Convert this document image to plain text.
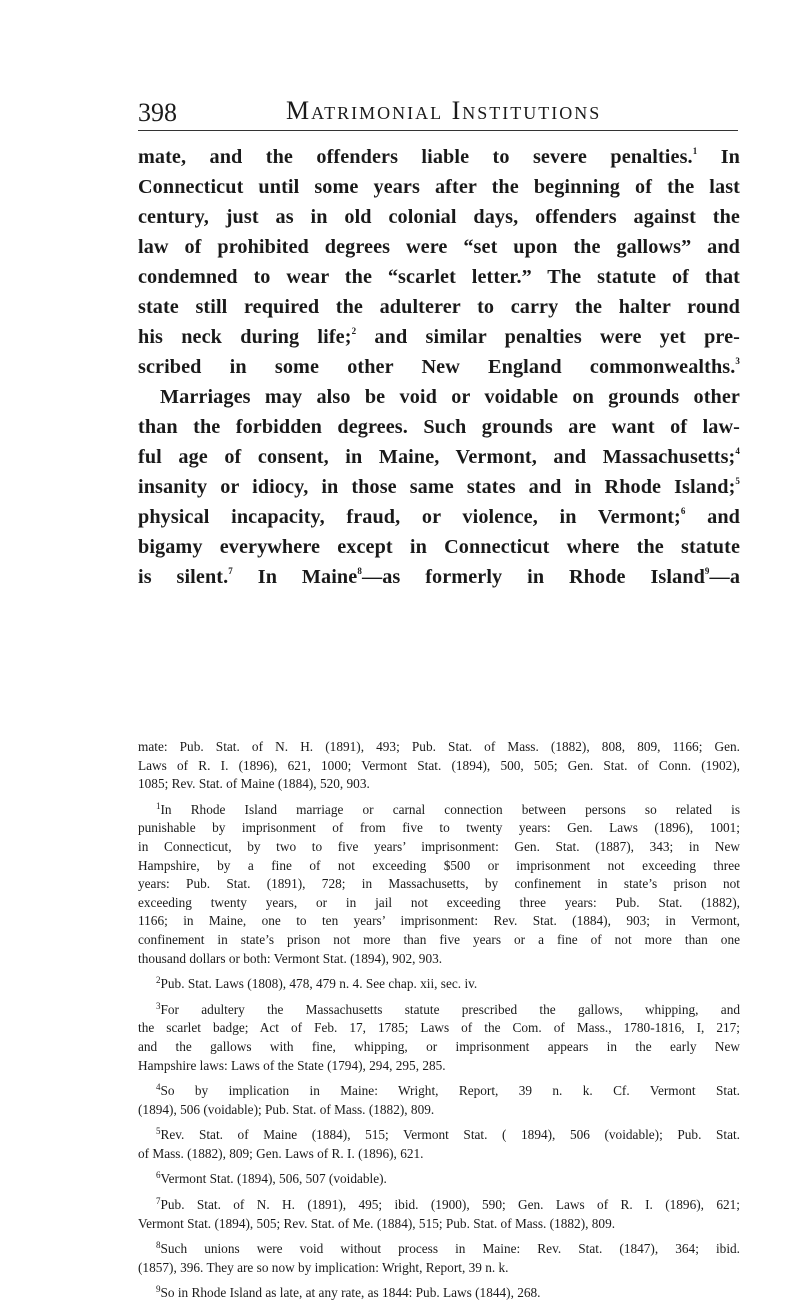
398	Matrimonial Institutions
mate, and the offenders liable to severe penalties.$^1$ In
Connecticut until some years after the beginning of the last
century, just as in old colonial days, offenders against the
law of prohibited degrees were “set upon the gallows” and
condemned to wear the “scarlet letter.” The statute of that
state still required the adulterer to carry the halter round
his neck during life;$^2$ and similar penalties were yet pre-
scribed in some other New England commonwealths.$^3$
Marriages may also be void or voidable on grounds other
than the forbidden degrees. Such grounds are want of law-
ful age of consent, in Maine, Vermont, and Massachusetts;$^4$
insanity or idiocy, in those same states and in Rhode Island;$^5$
physical incapacity, fraud, or violence, in Vermont;$^6$ and
bigamy everywhere except in Connecticut where the statute
is silent.$^7$ In Maine$^8$—as formerly in Rhode Island$^9$—a
mate: Pub. Stat. of N. H. (1891), 493; Pub. Stat. of Mass. (1882), 808, 809, 1166; Gen.
Laws of R. I. (1896), 621, 1000; Vermont Stat. (1894), 500, 505; Gen. Stat. of Conn. (1902),
1085; Rev. Stat. of Maine (1884), 520, 903.
$^1$In Rhode Island marriage or carnal connection between persons so related is
punishable by imprisonment of from five to twenty years: Gen. Laws (1896), 1001;
in Connecticut, by two to five years’ imprisonment: Gen. Stat. (1887), 343; in New
Hampshire, by a fine of not exceeding $500 or imprisonment not exceeding three
years: Pub. Stat. (1891), 728; in Massachusetts, by confinement in state’s prison not
exceeding twenty years, or in jail not exceeding three years: Pub. Stat. (1882),
1166; in Maine, one to ten years’ imprisonment: Rev. Stat. (1884), 903; in Vermont,
confinement in state’s prison not more than five years or a fine of not more than one
thousand dollars or both: Vermont Stat. (1894), 902, 903.
$^2$Pub. Stat. Laws (1808), 478, 479 n. 4. See chap. xii, sec. iv.
$^3$For adultery the Massachusetts statute prescribed the gallows, whipping, and
the scarlet badge; Act of Feb. 17, 1785; Laws of the Com. of Mass., 1780-1816, I, 217;
and the gallows with fine, whipping, or imprisonment appears in the early New
Hampshire laws: Laws of the State (1794), 294, 295, 285.
$^4$So by implication in Maine: Wright, Report, 39 n. k. Cf. Vermont Stat.
(1894), 506 (voidable); Pub. Stat. of Mass. (1882), 809.
$^5$Rev. Stat. of Maine (1884), 515; Vermont Stat. ( 1894), 506 (voidable); Pub. Stat.
of Mass. (1882), 809; Gen. Laws of R. I. (1896), 621.
$^6$Vermont Stat. (1894), 506, 507 (voidable).
$^7$Pub. Stat. of N. H. (1891), 495; ibid. (1900), 590; Gen. Laws of R. I. (1896), 621;
Vermont Stat. (1894), 505; Rev. Stat. of Me. (1884), 515; Pub. Stat. of Mass. (1882), 809.
$^8$Such unions were void without process in Maine: Rev. Stat. (1847), 364; ibid.
(1857), 396. They are so now by implication: Wright, Report, 39 n. k.
$^9$So in Rhode Island as late, at any rate, as 1844: Pub. Laws (1844), 268.
